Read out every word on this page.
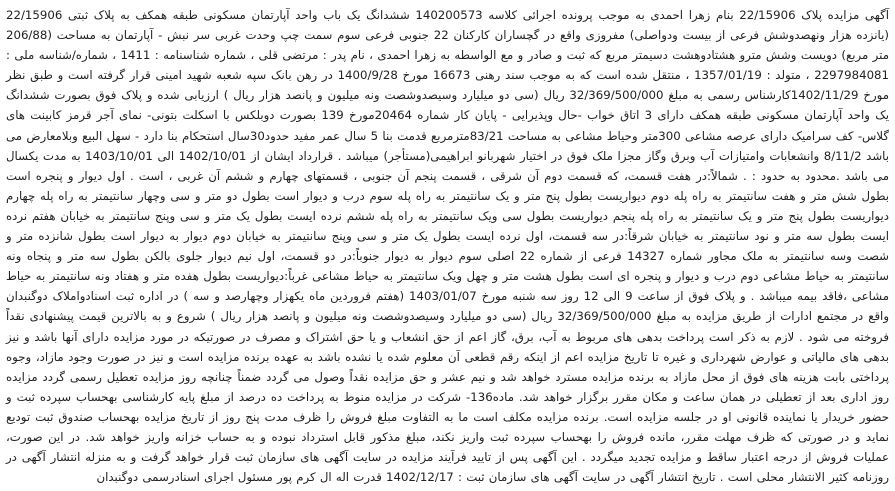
آگهی مزایده پلاک 22/15906 بنام زهرا احمدی به موجب پرونده اجرائی کلاسه 140200573 ششدانگ یک باب واحد آپارتمان مسکونی طبقه همکف به پلاک ثبتی 22/15906 (یانزده هزار ونهصدوشش فرعی از بیست ودواصلی) مفروزی واقع در گچساران کارکنان 22 جنوبی فرعی سوم سمت چپ وحدت غربی سر نبش - آپارتمان به مساحت (206/88 متر مربع) دویست وشش مترو هشتادوهشت دسیمتر مربع که ثبت و صادر و مع الواسطه به زهرا احمدی ، نام پدر : مرتضی قلی ، شماره شناسنامه : 1411 ، شماره/شناسه ملی : 2297984081 ، متولد : 1357/01/19 ، منتقل شده است که به موجب سند رهنی 16673 مورخ 1400/9/28 در رهن بانک سپه شعبه شهید امینی قرار گرفته است و طبق نظر مورخ 1402/11/29کارشناس رسمی به مبلغ 32/369/500/000 ریال (سی دو میلیارد وسیصدوشصت ونه میلیون و پانصد هزار ریال ) ارزیابی شده و پلاک فوق بصورت ششدانگ یک واحد آپارتمان مسکونی طبقه همکف دارای 3 اتاق خواب -حال وپذیرایی - پایان کار شماره 20464مورخ 139 بصورت دوبلکس با اسکلت بتونی- نمای آجر قرمز کابینت های گلاس- کف سرامیک دارای عرصه مشاعی 300متر وحیاط مشاعی به مساحت 83/21مترمربع قدمت بنا 5 سال عمر مفید حدود30سال استحکام بنا دارد - سهل البیع وبلامعارض می باشد 8/11/2 وانشعابات وامتیازات آب وبرق وگاز مجزا ملک فوق در اختیار شهربانو ابراهیمی(مستأجر) میباشد . قرارداد ایشان از 1402/10/01 الی 1403/10/01 به مدت یکسال می باشد .محدود به حدود : . شمالاً:در هفت قسمت، که قسمت دوم آن شرقی ، قسمت پنجم آن جنوبی ، قسمتهای چهارم و ششم آن غربی ، است . اول دیوار و پنجره است بطول شش متر و هفت سانتیمتر به راه پله دوم دیواریست بطول پنج متر و یک سانتیمتر به راه پله سوم درب و دیوار است بطول دو متر و سی وچهار سانتیمتر به راه پله چهارم دیواریست بطول پنج متر و یک سانتیمتر به راه پله پنجم دیواریست بطول سی ویک سانتیمتر به راه پله ششم نرده ایست بطول یک متر و سی وپنج سانتیمتر به خیابان هفتم نرده ایست بطول سه متر و نود سانتیمتر به خیابان شرقاً:در سه قسمت، اول نرده ایست بطول یک متر و سی وپنج سانتیمتر به خیابان دوم دیوار به دیوار است بطول شانزده متر و شصت وسه سانتیمتر به ملک مجاور شماره 14327 فرعی از شماره 22 اصلی سوم دیوار به دیوار جنوباً:در دو قسمت، اول نیم دیوار جلوی بالکن بطول سه متر و پنجاه ونه سانتیمتر به حیاط مشاعی دوم درب و دیوار و پنجره ای است بطول هشت متر و چهل ویک سانتیمتر به حیاط مشاعی غرباً:دیواریست بطول هفده متر و هفتاد ونه سانتیمتر به حیاط مشاعی ،فاقد بیمه میباشد . و پلاک فوق از ساعت 9 الی 12 روز سه شنبه مورخ 1403/01/07 (هفتم فروردین ماه یکهزار وچهارصد و سه ) در اداره ثبت اسنادواملاک دوگنبدان واقع در مجتمع ادارات از طریق مزایده به مبلغ 32/369/500/000 ریال (سی دو میلیارد وسیصدوشصت ونه میلیون و پانصد هزار ریال ) شروع و به بالاترین قیمت پیشنهادی نقداً فروخته می شود . لازم به ذکر است پرداخت بدهی های مربوط به آب، برق، گاز اعم از حق انشعاب و یا حق اشتراک و مصرف در صورتیکه در مورد مزایده دارای آنها باشد و نیز بدهی های مالیاتی و عوارض شهرداری و غیره تا تاریخ مزایده اعم از اینکه رقم قطعی آن معلوم شده یا نشده باشد به عهده برنده مزایده است و نیز در صورت وجود مازاد، وجوه پرداختی بابت هزینه های فوق از محل مازاد به برنده مزایده مسترد خواهد شد و نیم عشر و حق مزایده نقداً وصول می گردد ضمناً چنانچه روز مزایده تعطیل رسمی گردد مزایده روز اداری بعد از تعطیلی در همان ساعت و مکان مقرر برگزار خواهد شد. ماده136- شرکت در مزایده منوط به پرداخت ده درصد از مبلغ پایه کارشناسی بهحساب سپرده ثبت و حضور خریدار یا نماینده قانونی او در جلسه مزایده است. برنده مزایده مکلف است ما به التفاوت مبلغ فروش را ظرف مدت پنج روز از تاریخ مزایده بهحساب صندوق ثبت تودیع نماید و در صورتی که ظرف مهلت مقرر، مانده فروش را بهحساب سپرده ثبت واریز نکند، مبلغ مذکور قابل استرداد نبوده و به حساب خزانه واریز خواهد شد. در این صورت، عملیات فروش از درجه اعتبار ساقط و مزایده تجدید میگردد . این آگهی پس از تایید فرآیند مزایده در سایت آگهی های سازمان ثبت قرار خواهد گرفت و به منزله انتشار آگهی در روزنامه کثیر الانتشار محلی است . تاریخ انتشار آگهی در سایت آگهی های سازمان ثبت : 1402/12/17 قدرت اله ال کرم پور مسئول اجرای اسنادرسمی دوگنبدان
